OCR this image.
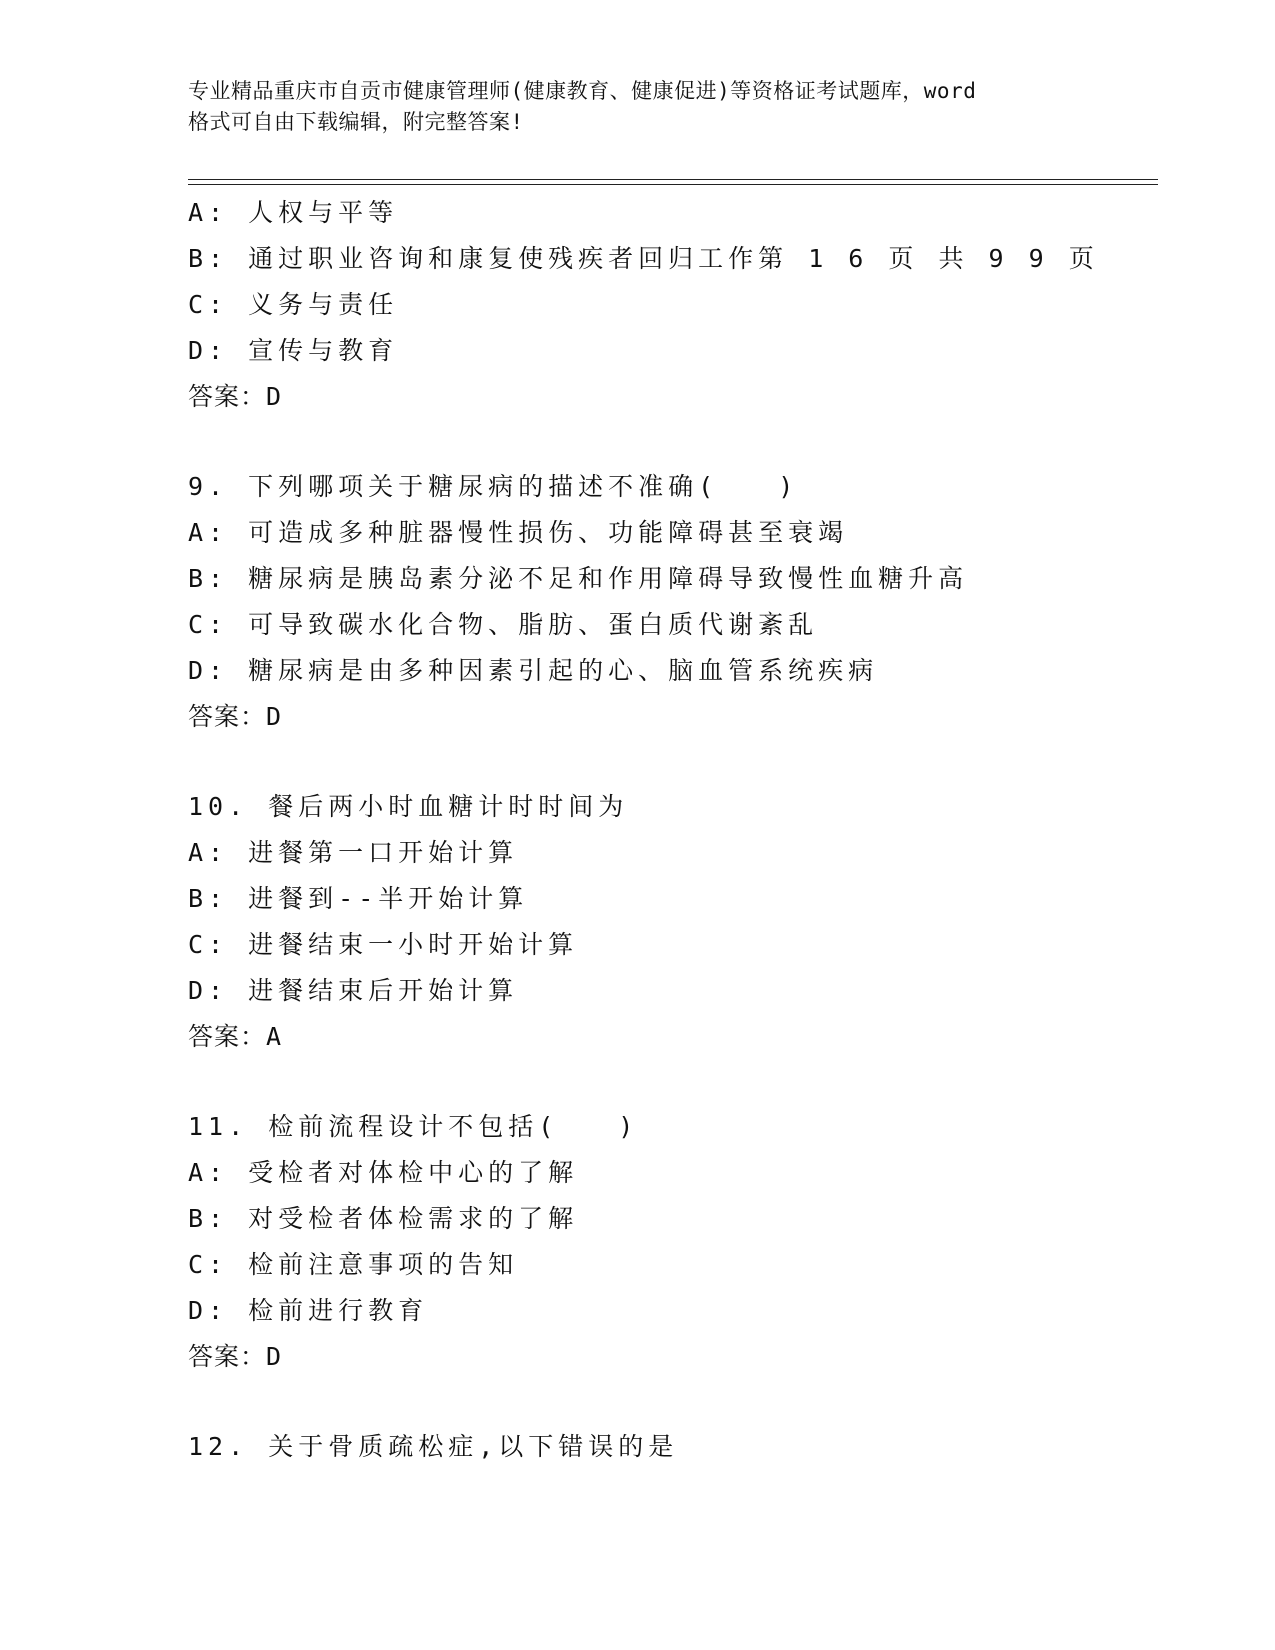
专业精品重庆市自贡市健康管理师(健康教育、健康促进)等资格证考试题库，word
格式可自由下载编辑，附完整答案!
A: 人权与平等
B: 通过职业咨询和康复使残疾者回归工作第 1 6 页 共 9 9 页
C: 义务与责任
D: 宣传与教育
答案：D
9. 下列哪项关于糖尿病的描述不准确(　　)
A: 可造成多种脏器慢性损伤、功能障碍甚至衰竭
B: 糖尿病是胰岛素分泌不足和作用障碍导致慢性血糖升高
C: 可导致碳水化合物、脂肪、蛋白质代谢紊乱
D: 糖尿病是由多种因素引起的心、脑血管系统疾病
答案：D
10. 餐后两小时血糖计时时间为
A: 进餐第一口开始计算
B: 进餐到--半开始计算
C: 进餐结束一小时开始计算
D: 进餐结束后开始计算
答案：A
11. 检前流程设计不包括(　　)
A: 受检者对体检中心的了解
B: 对受检者体检需求的了解
C: 检前注意事项的告知
D: 检前进行教育
答案：D
12. 关于骨质疏松症,以下错误的是
